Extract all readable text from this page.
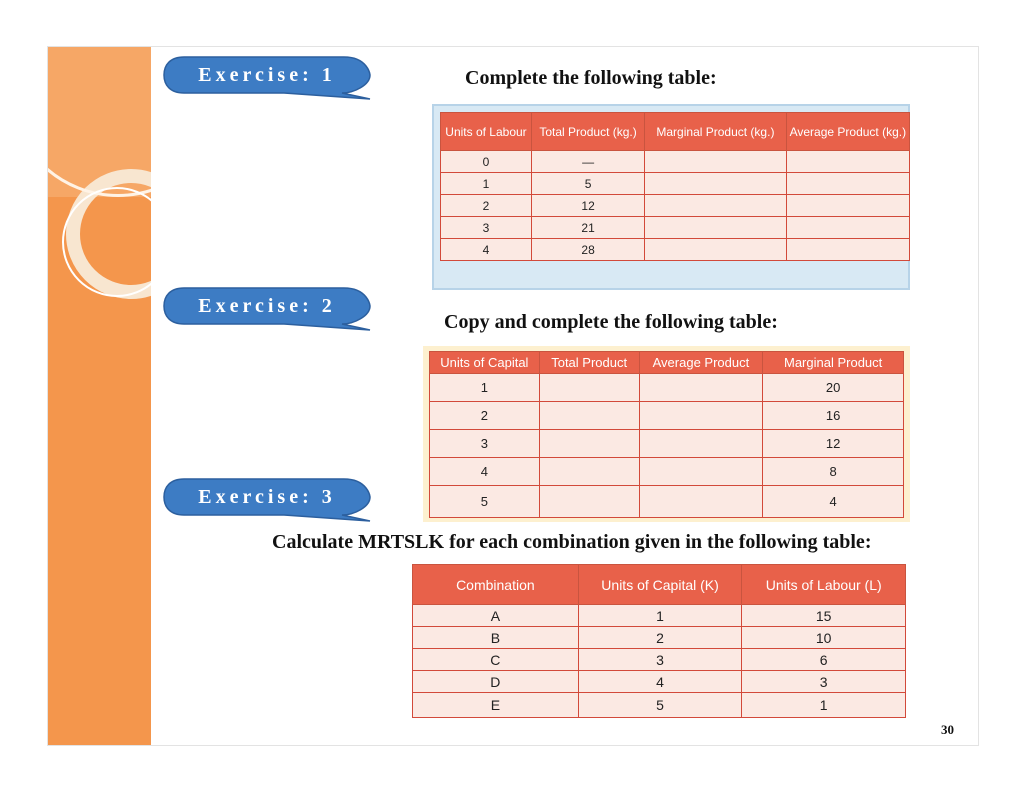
Exercise: 1	Complete the following table:
Units of Labour	Total Product (kg.)	Marginal Product (kg.)	Average Product (kg.)
0	—		
1	5		
2	12		
3	21		
4	28		
Exercise: 2
Copy and complete the following table:
Units of Capital	Total Product	Average Product	Marginal Product
1			20
2			16
3			12
4			8
5			4
Exercise: 3
Calculate MRTSLK for each combination given in the following table:
Combination	Units of Capital (K)	Units of Labour (L)
A	1	15
B	2	10
C	3	6
D	4	3
E	5	1
30
